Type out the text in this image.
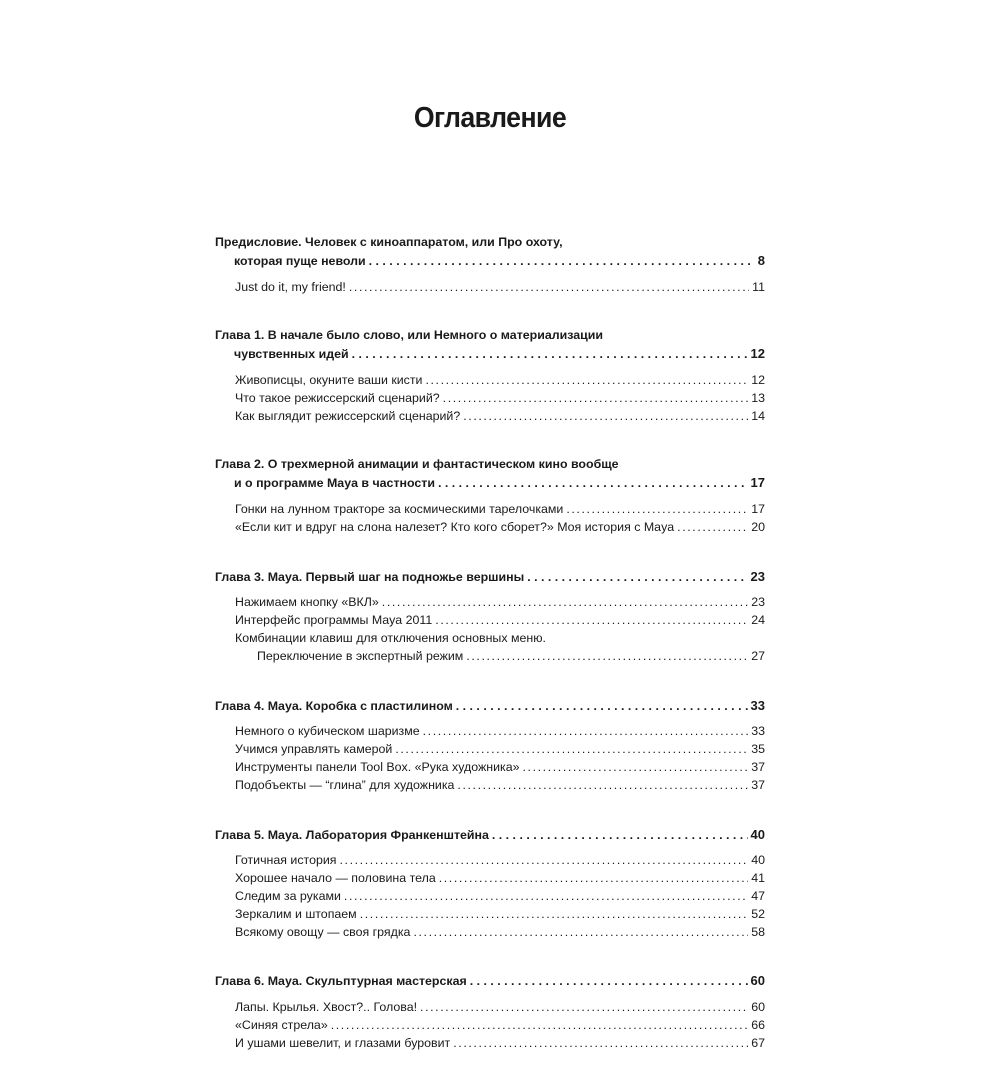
Оглавление
Предисловие. Человек с киноаппаратом, или Про охоту,
которая пуще неволи . . .	8
Just do it, my friend! .....	11
Глава 1. В начале было слово, или Немного о материализации
чувственных идей . . .	12
Живописцы, окуните ваши кисти .....	12
Что такое режиссерский сценарий? .....	13
Как выглядит режиссерский сценарий? .....	14
Глава 2. О трехмерной анимации и фантастическом кино вообще
и о программе Maya в частности . . .	17
Гонки на лунном тракторе за космическими тарелочками .....	17
«Если кит и вдруг на слона налезет? Кто кого сборет?» Моя история с Maya .....	20
Глава 3. Maya. Первый шаг на подножье вершины . . .	23
Нажимаем кнопку «ВКЛ» .....	23
Интерфейс программы Maya 2011 .....	24
Комбинации клавиш для отключения основных меню.
Переключение в экспертный режим .....	27
Глава 4. Maya. Коробка с пластилином . . .	33
Немного о кубическом шаризме .....	33
Учимся управлять камерой .....	35
Инструменты панели Tool Box. «Рука художника» .....	37
Подобъекты — “глина” для художника .....	37
Глава 5. Maya. Лаборатория Франкенштейна . . .	40
Готичная история .....	40
Хорошее начало — половина тела .....	41
Следим за руками .....	47
Зеркалим и штопаем .....	52
Всякому овощу — своя грядка .....	58
Глава 6. Maya. Скульптурная мастерская . . .	60
Лапы. Крылья. Хвост?.. Голова! .....	60
«Синяя стрела» .....	66
И ушами шевелит, и глазами буровит .....	67
